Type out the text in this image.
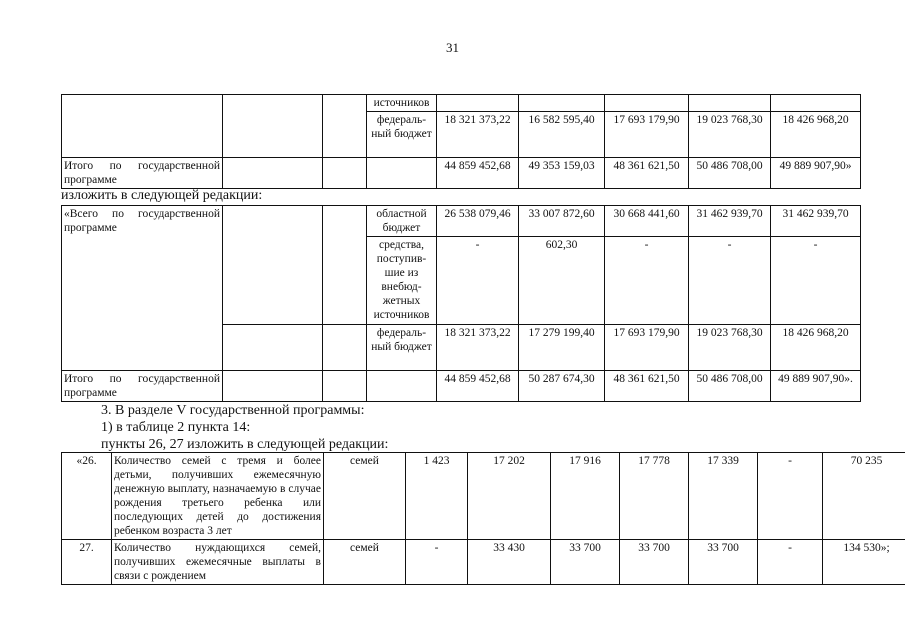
31
			источников					
			федераль-ный бюджет	18 321 373,22	16 582 595,40	17 693 179,90	19 023 768,30	18 426 968,20
Итого по государственной программе				44 859 452,68	49 353 159,03	48 361 621,50	50 486 708,00	49 889 907,90»
изложить в следующей редакции:
«Всего по государственной программе			областной бюджет	26 538 079,46	33 007 872,60	30 668 441,60	31 462 939,70	31 462 939,70
			средства, поступив-шие из внебюд-жетных источников	-	602,30	-	-	-
			федераль-ный бюджет	18 321 373,22	17 279 199,40	17 693 179,90	19 023 768,30	18 426 968,20
Итого по государственной программе				44 859 452,68	50 287 674,30	48 361 621,50	50 486 708,00	49 889 907,90».
3. В разделе V государственной программы:
1) в таблице 2 пункта 14:
пункты 26, 27 изложить в следующей редакции:
«26.	Количество семей с тремя и более детьми, получивших ежемесячную денежную выплату, назначаемую в случае рождения третьего ребенка или последующих детей до достижения ребенком возраста 3 лет	семей	1 423	17 202	17 916	17 778	17 339	-	70 235
27.	Количество нуждающихся семей, получивших ежемесячные выплаты в связи с рождением	семей	-	33 430	33 700	33 700	33 700	-	134 530»;
